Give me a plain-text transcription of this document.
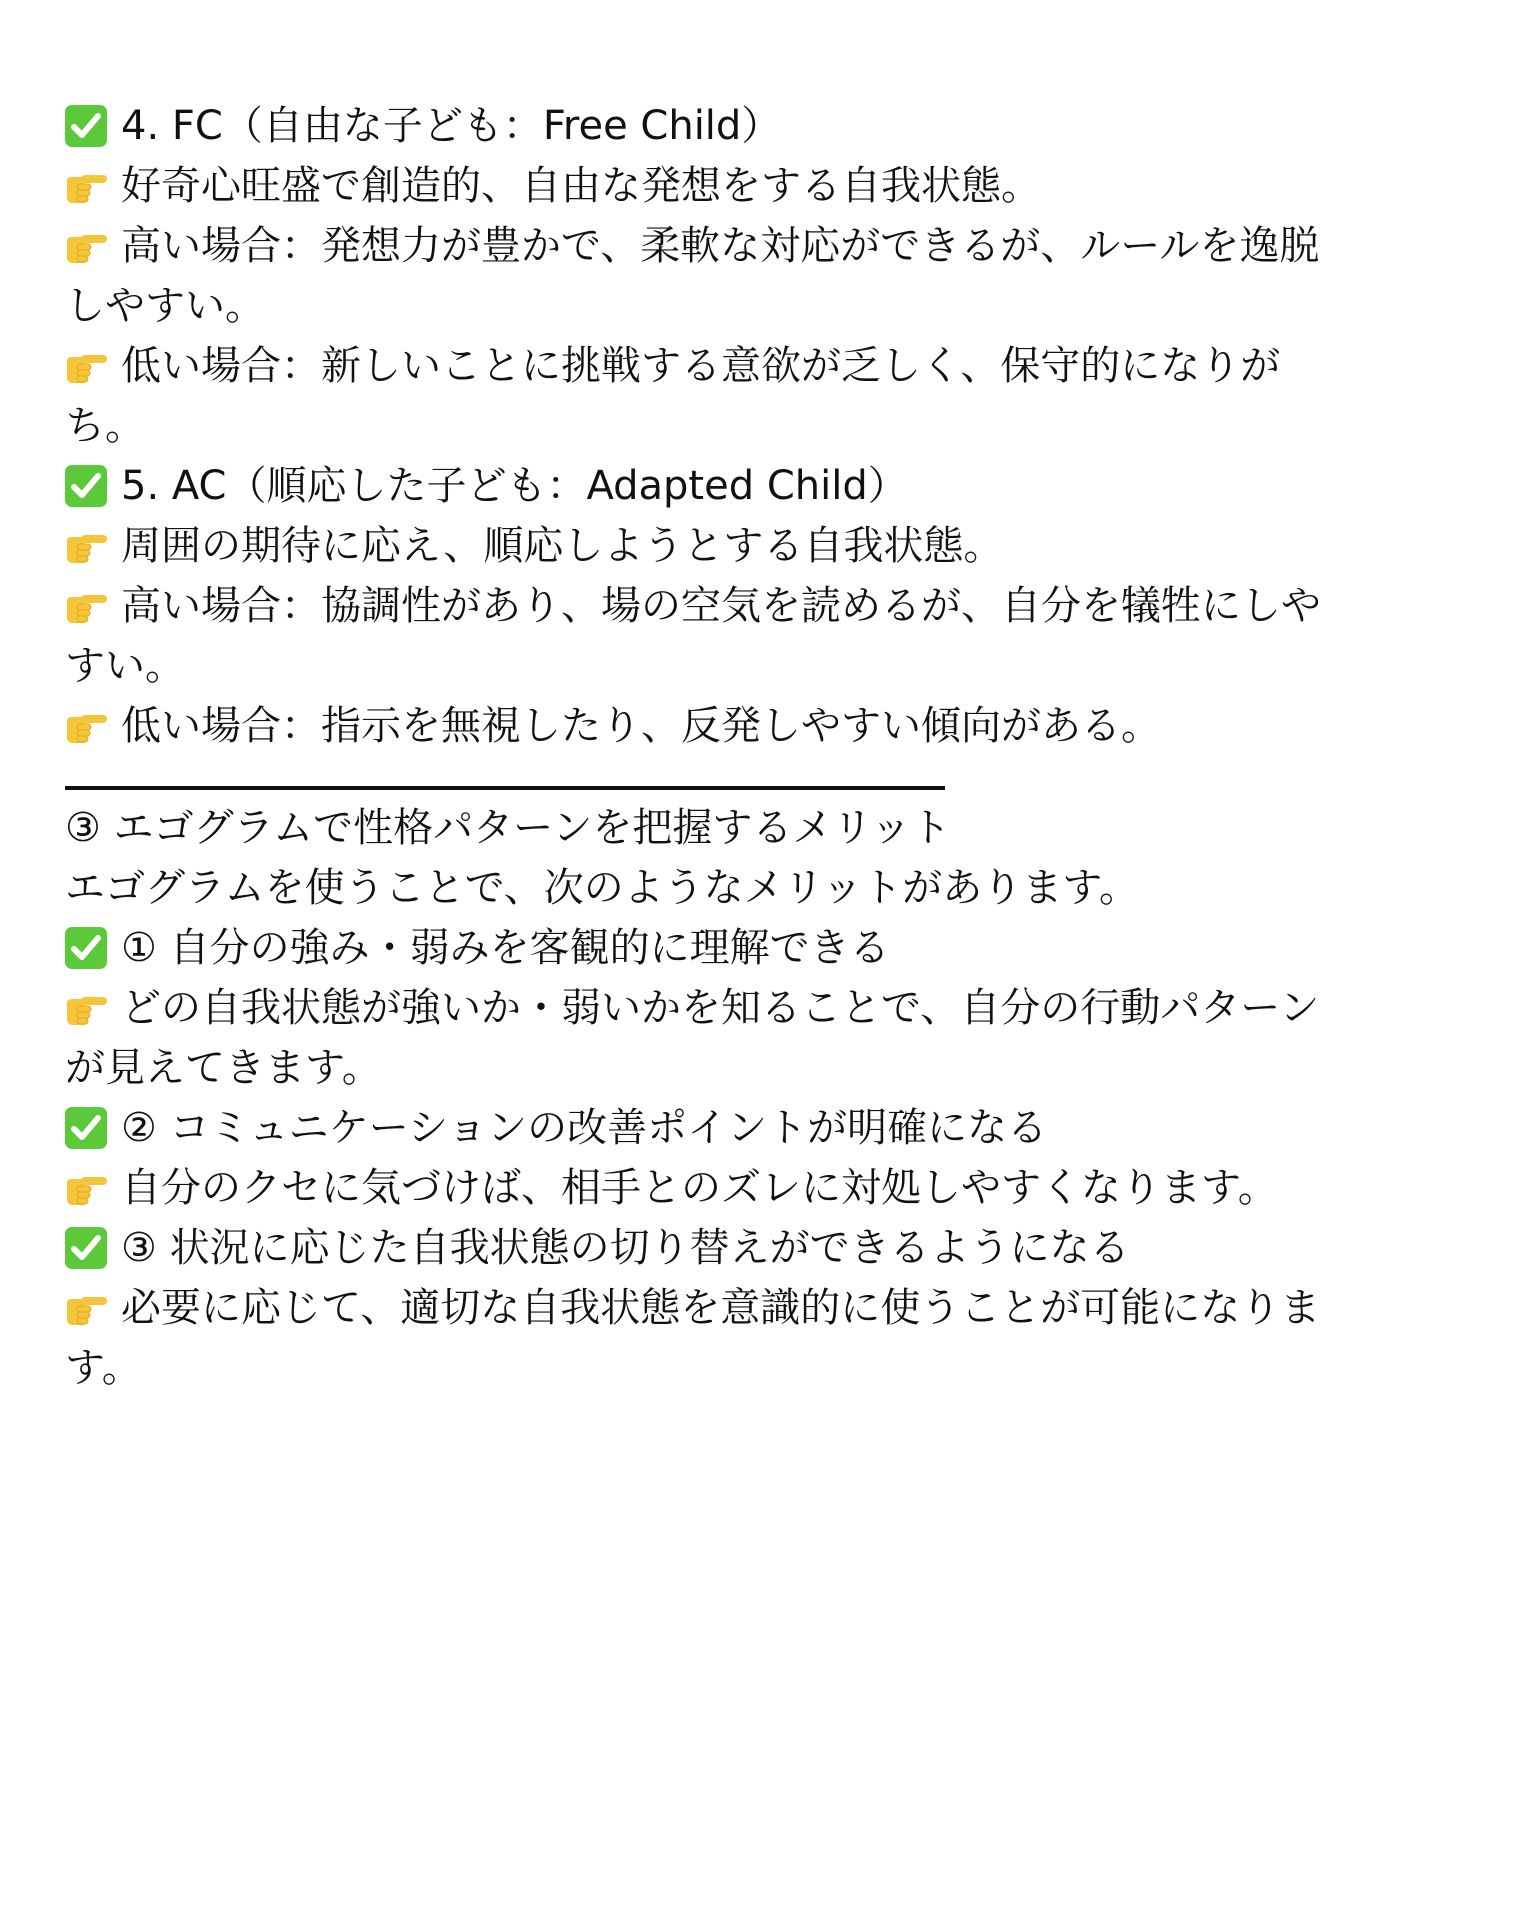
4. FC（自由な子ども：Free Child）
好奇心旺盛で創造的、自由な発想をする自我状態。
高い場合：発想力が豊かで、柔軟な対応ができるが、ルールを逸脱
しやすい。
低い場合：新しいことに挑戦する意欲が乏しく、保守的になりが
ち。
5. AC（順応した子ども：Adapted Child）
周囲の期待に応え、順応しようとする自我状態。
高い場合：協調性があり、場の空気を読めるが、自分を犠牲にしや
すい。
低い場合：指示を無視したり、反発しやすい傾向がある。
③ エゴグラムで性格パターンを把握するメリット
エゴグラムを使うことで、次のようなメリットがあります。
① 自分の強み・弱みを客観的に理解できる
どの自我状態が強いか・弱いかを知ることで、自分の行動パターン
が見えてきます。
② コミュニケーションの改善ポイントが明確になる
自分のクセに気づけば、相手とのズレに対処しやすくなります。
③ 状況に応じた自我状態の切り替えができるようになる
必要に応じて、適切な自我状態を意識的に使うことが可能になりま
す。
